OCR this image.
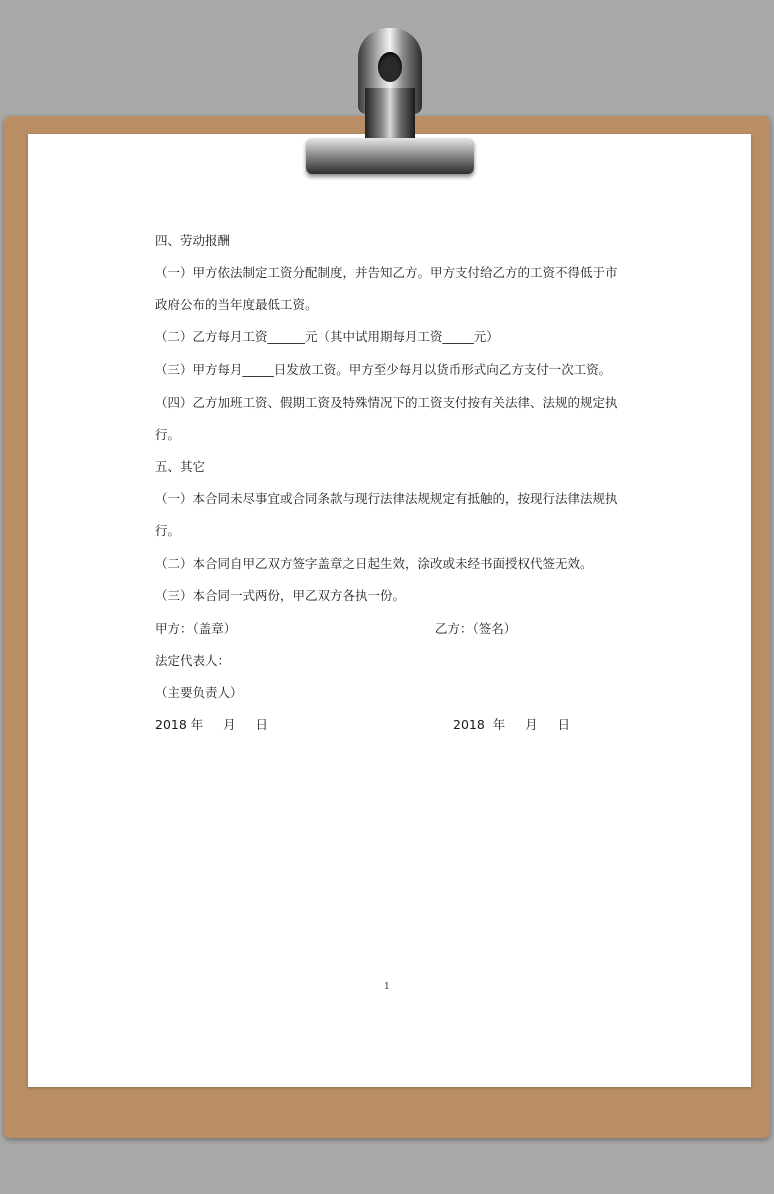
四、劳动报酬
（一）甲方依法制定工资分配制度，并告知乙方。甲方支付给乙方的工资不得低于市
政府公布的当年度最低工资。
（二）乙方每月工资______元（其中试用期每月工资_____元）
（三）甲方每月_____日发放工资。甲方至少每月以货币形式向乙方支付一次工资。
（四）乙方加班工资、假期工资及特殊情况下的工资支付按有关法律、法规的规定执
行。
五、其它
（一）本合同未尽事宜或合同条款与现行法律法规规定有抵触的，按现行法律法规执
行。
（二）本合同自甲乙双方签字盖章之日起生效，涂改或未经书面授权代签无效。
（三）本合同一式两份，甲乙双方各执一份。
甲方：（盖章）	乙方：（签名）
法定代表人：
（主要负责人）
2018 年     月     日	2018  年     月     日
1
